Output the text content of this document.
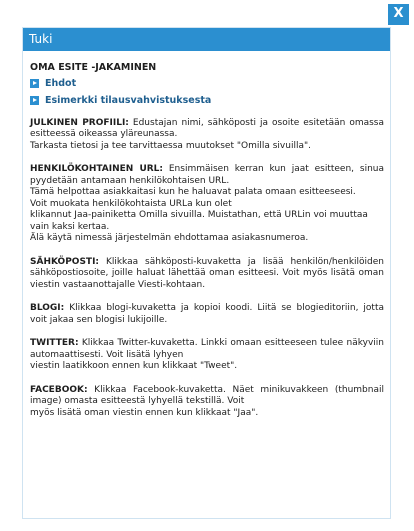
X
Tuki
OMA ESITE -JAKAMINEN
Ehdot
Esimerkki tilausvahvistuksesta

JULKINEN PROFIILI: Edustajan nimi, sähköposti ja osoite esitetään omassa esitteessä oikeassa yläreunassa.

Tarkasta tietosi ja tee tarvittaessa muutokset "Omilla sivuilla".

HENKILÖKOHTAINEN URL: Ensimmäisen kerran kun jaat esitteen, sinua pyydetään antamaan henkilökohtaisen URL.

Tämä helpottaa asiakkaitasi kun he haluavat palata omaan esitteeseesi.
Voit muokata henkilökohtaista URLa kun olet
klikannut Jaa-painiketta Omilla sivuilla. Muistathan, että URLin voi muuttaa vain kaksi kertaa.
Älä käytä nimessä järjestelmän ehdottamaa asiakasnumeroa.

SÄHKÖPOSTI: Klikkaa sähköposti-kuvaketta ja lisää henkilön/henkilöiden sähköpostiosoite, joille haluat lähettää oman esitteesi. Voit myös lisätä oman viestin vastaanottajalle Viesti-kohtaan.

BLOGI: Klikkaa blogi-kuvaketta ja kopioi koodi. Liitä se blogieditoriin, jotta voit jakaa sen blogisi lukijoille.

TWITTER: Klikkaa Twitter-kuvaketta. Linkki omaan esitteeseen tulee näkyviin automaattisesti. Voit lisätä lyhyen

viestin laatikkoon ennen kun klikkaat "Tweet".

FACEBOOK: Klikkaa Facebook-kuvaketta. Näet minikuvakkeen (thumbnail image) omasta esitteestä lyhyellä tekstillä. Voit

myös lisätä oman viestin ennen kun klikkaat "Jaa".
